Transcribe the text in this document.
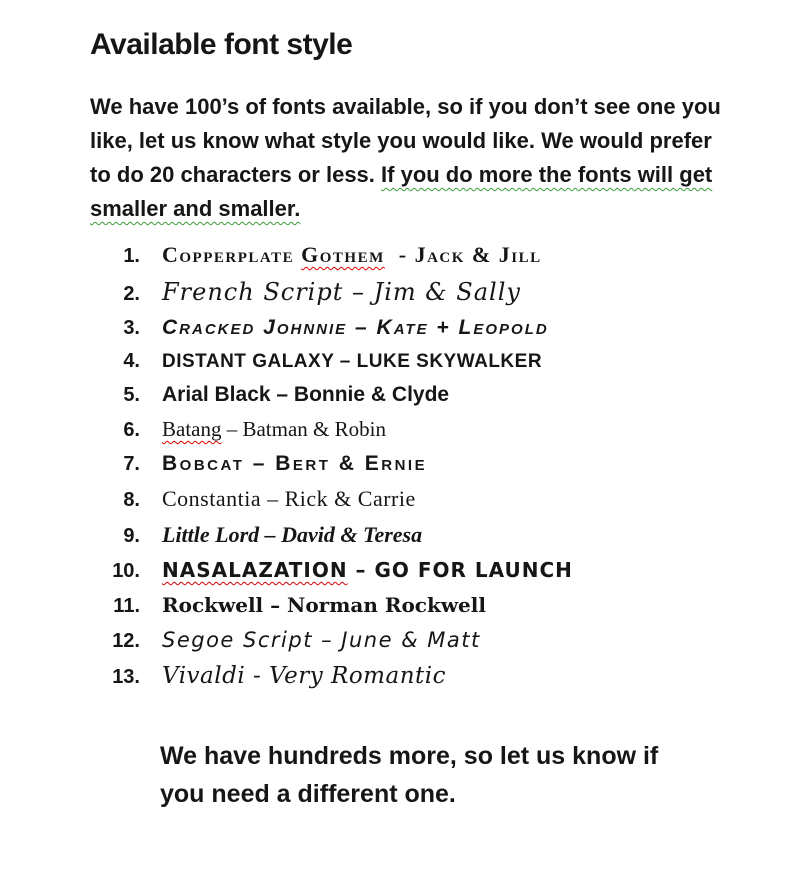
Available font style

We have 100’s of fonts available, so if you don’t see one you
like, let us know what style you would like. We would prefer
to do 20 characters or less. If you do more the fonts will get
smaller and smaller.

1. Copperplate Gothem  - Jack & Jill
2. French Script – Jim & Sally
3. Cracked Johnnie – Kate + Leopold
4. DISTANT GALAXY – LUKE SKYWALKER
5. Arial Black – Bonnie & Clyde
6. Batang – Batman & Robin
7. Bobcat – Bert & Ernie
8. Constantia – Rick & Carrie
9. Little Lord – David & Teresa
10. NASALAZATION – GO FOR LAUNCH
11. Rockwell – Norman Rockwell
12. Segoe Script – June & Matt
13. Vivaldi - Very Romantic

We have hundreds more, so let us know if
you need a different one.
